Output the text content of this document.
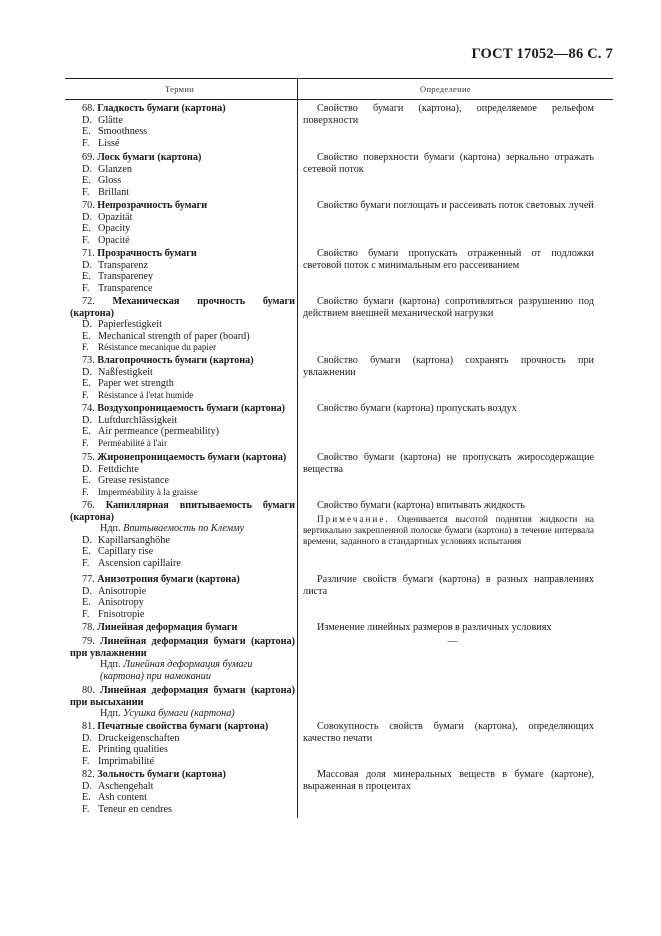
ГОСТ 17052—86 С. 7
Термин	Определение
68. Гладкость бумаги (картона)
D. Glätte
E. Smoothness
F. Lissé
Свойство бумаги (картона), определяемое рельефом поверхности
69. Лоск бумаги (картона)
D. Glanzen
E. Gloss
F. Brillant
Свойство поверхности бумаги (картона) зеркально отражать сетевой поток
70. Непрозрачность бумаги
D. Opazität
E. Opacity
F. Opacité
Свойство бумаги поглощать и рассеивать поток световых лучей
71. Прозрачность бумаги
D. Transparenz
E. Transpareney
F. Transparence
Свойство бумаги пропускать отраженный от подложки световой поток с минимальным его рассеиванием
72. Механическая прочность бумаги (картона)
D. Papierfestigkeit
E. Mechanical strength of paper (board)
F. Résistance mecanique du papier
Свойство бумаги (картона) сопротивляться разрушению под действием внешней механической нагрузки
73. Влагопрочность бумаги (картона)
D. Naßfestigkeit
E. Paper wet strength
F. Résistance à l'etat humide
Свойство бумаги (картона) сохранять прочность при увлажнении
74. Воздухопроницаемость бумаги (картона)
D. Luftdurchlässigkeit
E. Air permeance (permeability)
F. Perméabilité à l'air
Свойство бумаги (картона) пропускать воздух
75. Жиронепроницаемость бумаги (картона)
D. Fettdichte
E. Grease resistance
F. Imperméability à la graisse
Свойство бумаги (картона) не пропускать жиросодержащие вещества
76. Капиллярная впитываемость бумаги (картона)
Ндп. Впитываемость по Клемму
D. Kapillarsanghöhe
E. Capillary rise
F. Ascension capillaire
Свойство бумаги (картона) впитывать жидкость
Примечание. Оценивается высотой поднятия жидкости на вертикально закрепленной полоске бумаги (картона) в течение интервала времени, заданного в стандартных условиях испытания
77. Анизотропия бумаги (картона)
D. Anisotropie
E. Anisotropy
F. Fnisotropie
Различие свойств бумаги (картона) в разных направлениях листа
78. Линейная деформация бумаги	Изменение линейных размеров в различных условиях
79. Линейная деформация бумаги (картона) при увлажнении
Ндп. Линейная деформация бумаги (картона) при намокании
—
80. Линейная деформация бумаги (картона) при высыхании
Ндп. Усушка бумаги (картона)
81. Печатные свойства бумаги (картона)
D. Druckeigenschaften
E. Printing qualities
F. Imprimabilité
Совокупность свойств бумаги (картона), определяющих качество печати
82. Зольность бумаги (картона)
D. Aschengehalt
E. Ash content
F. Teneur en cendres
Массовая доля минеральных веществ в бумаге (картоне), выраженная в процентах
